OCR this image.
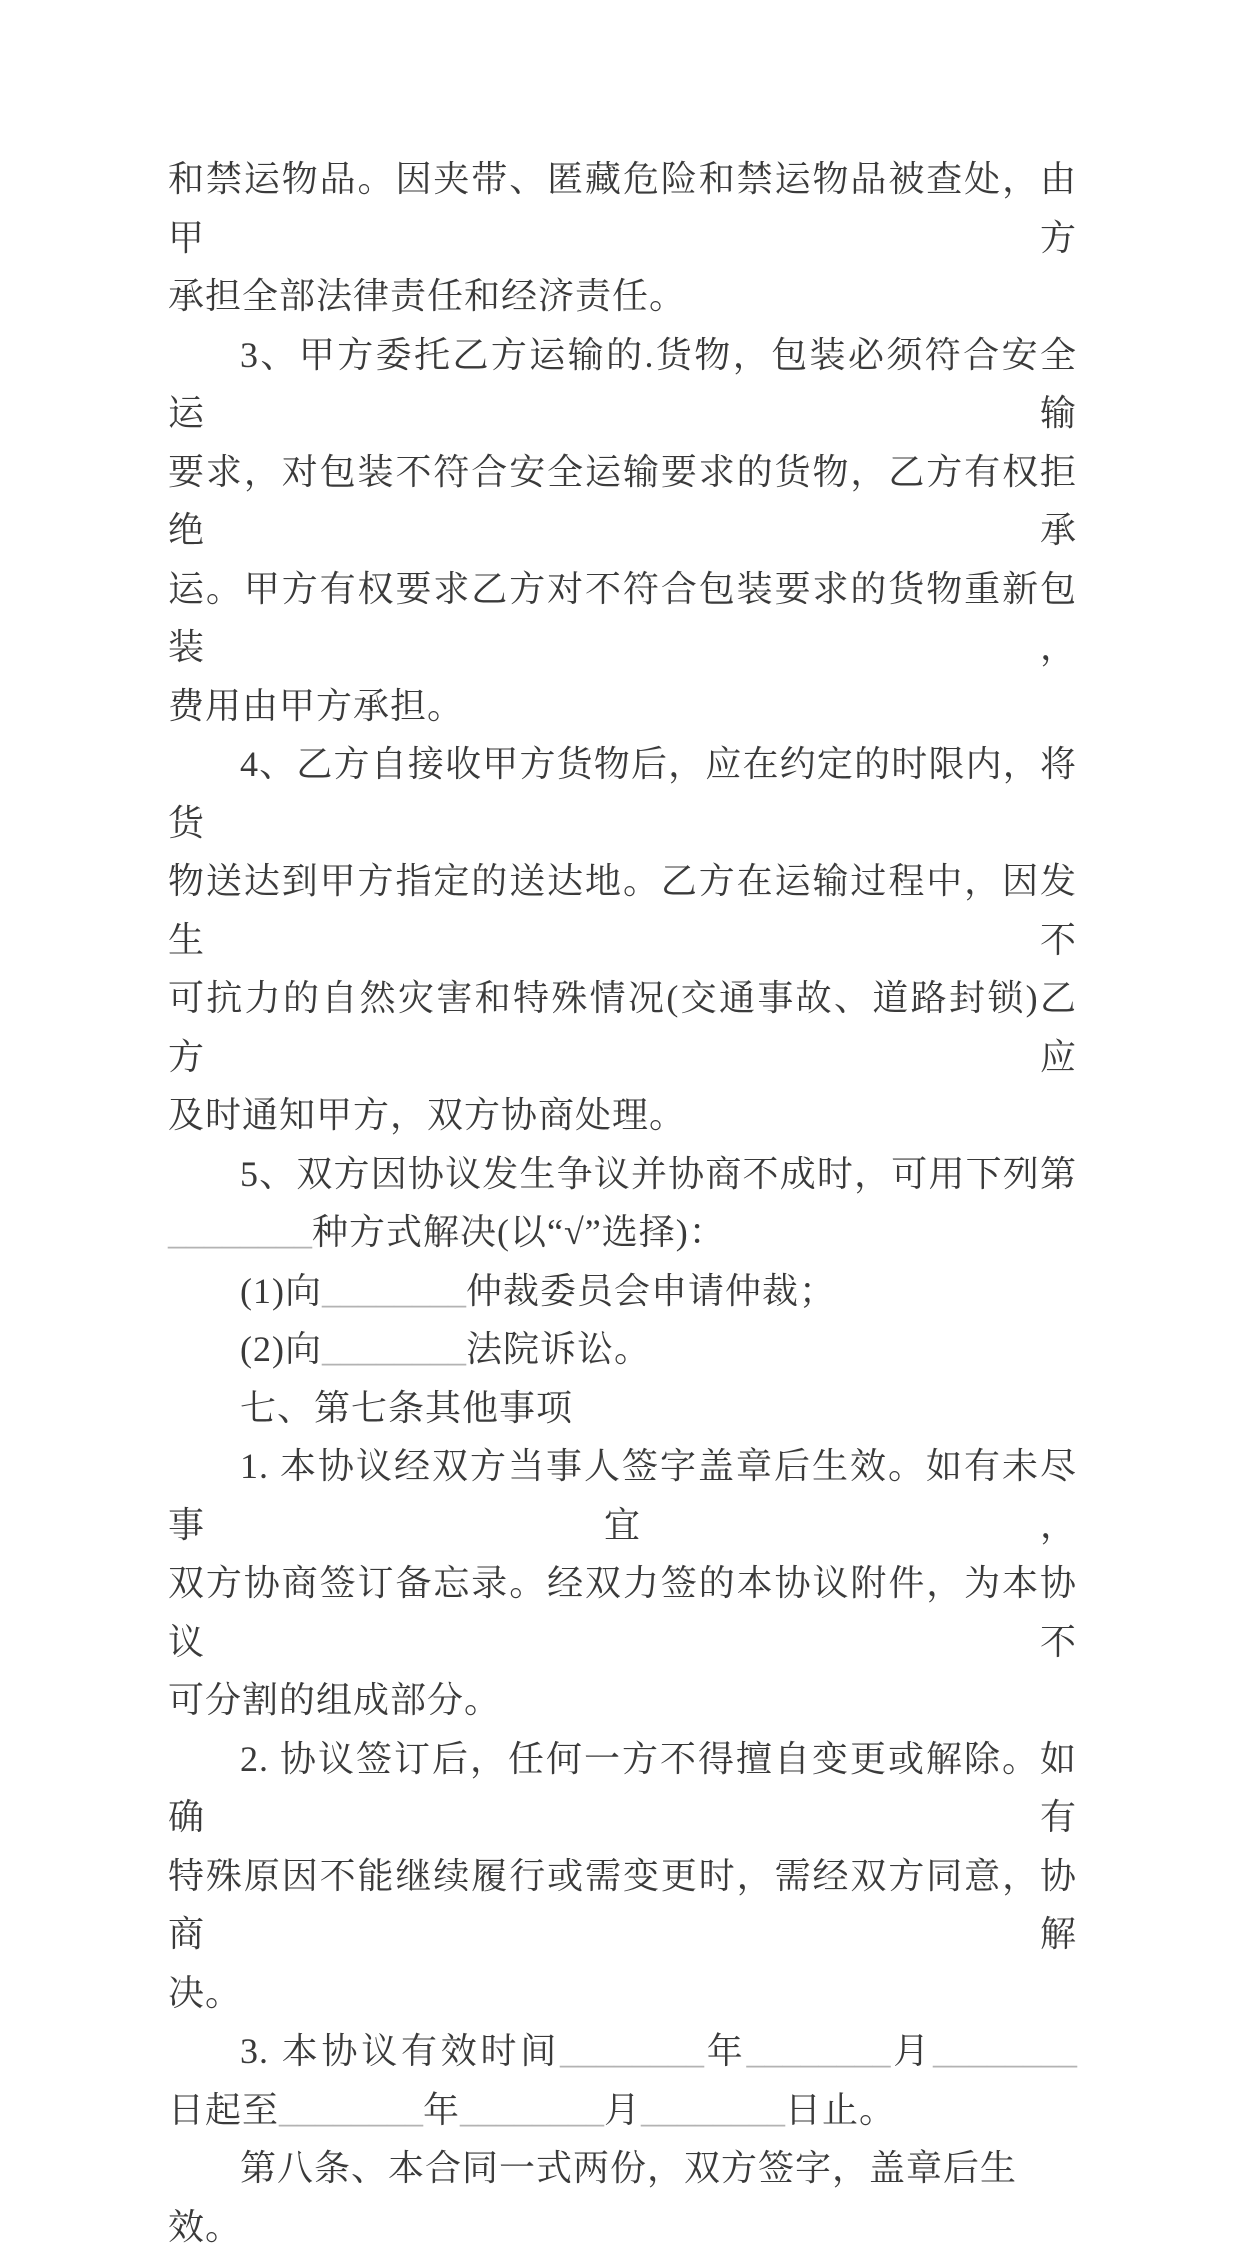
和禁运物品。因夹带、匿藏危险和禁运物品被查处，由甲方
承担全部法律责任和经济责任。
3、甲方委托乙方运输的.货物，包装必须符合安全运输
要求，对包装不符合安全运输要求的货物，乙方有权拒绝承
运。甲方有权要求乙方对不符合包装要求的货物重新包装，
费用由甲方承担。
4、乙方自接收甲方货物后，应在约定的时限内，将货
物送达到甲方指定的送达地。乙方在运输过程中，因发生不
可抗力的自然灾害和特殊情况(交通事故、道路封锁)乙方应
及时通知甲方，双方协商处理。
5、双方因协议发生争议并协商不成时，可用下列第
________种方式解决(以“√”选择)：
(1)向________仲裁委员会申请仲裁；
(2)向________法院诉讼。
七、第七条其他事项
1. 本协议经双方当事人签字盖章后生效。如有未尽事宜，
双方协商签订备忘录。经双力签的本协议附件，为本协议不
可分割的组成部分。
2. 协议签订后，任何一方不得擅自变更或解除。如确有
特殊原因不能继续履行或需变更时，需经双方同意，协商解
决。
3. 本协议有效时间________年________月________
日起至________年________月________日止。
第八条、本合同一式两份，双方签字，盖章后生效。
